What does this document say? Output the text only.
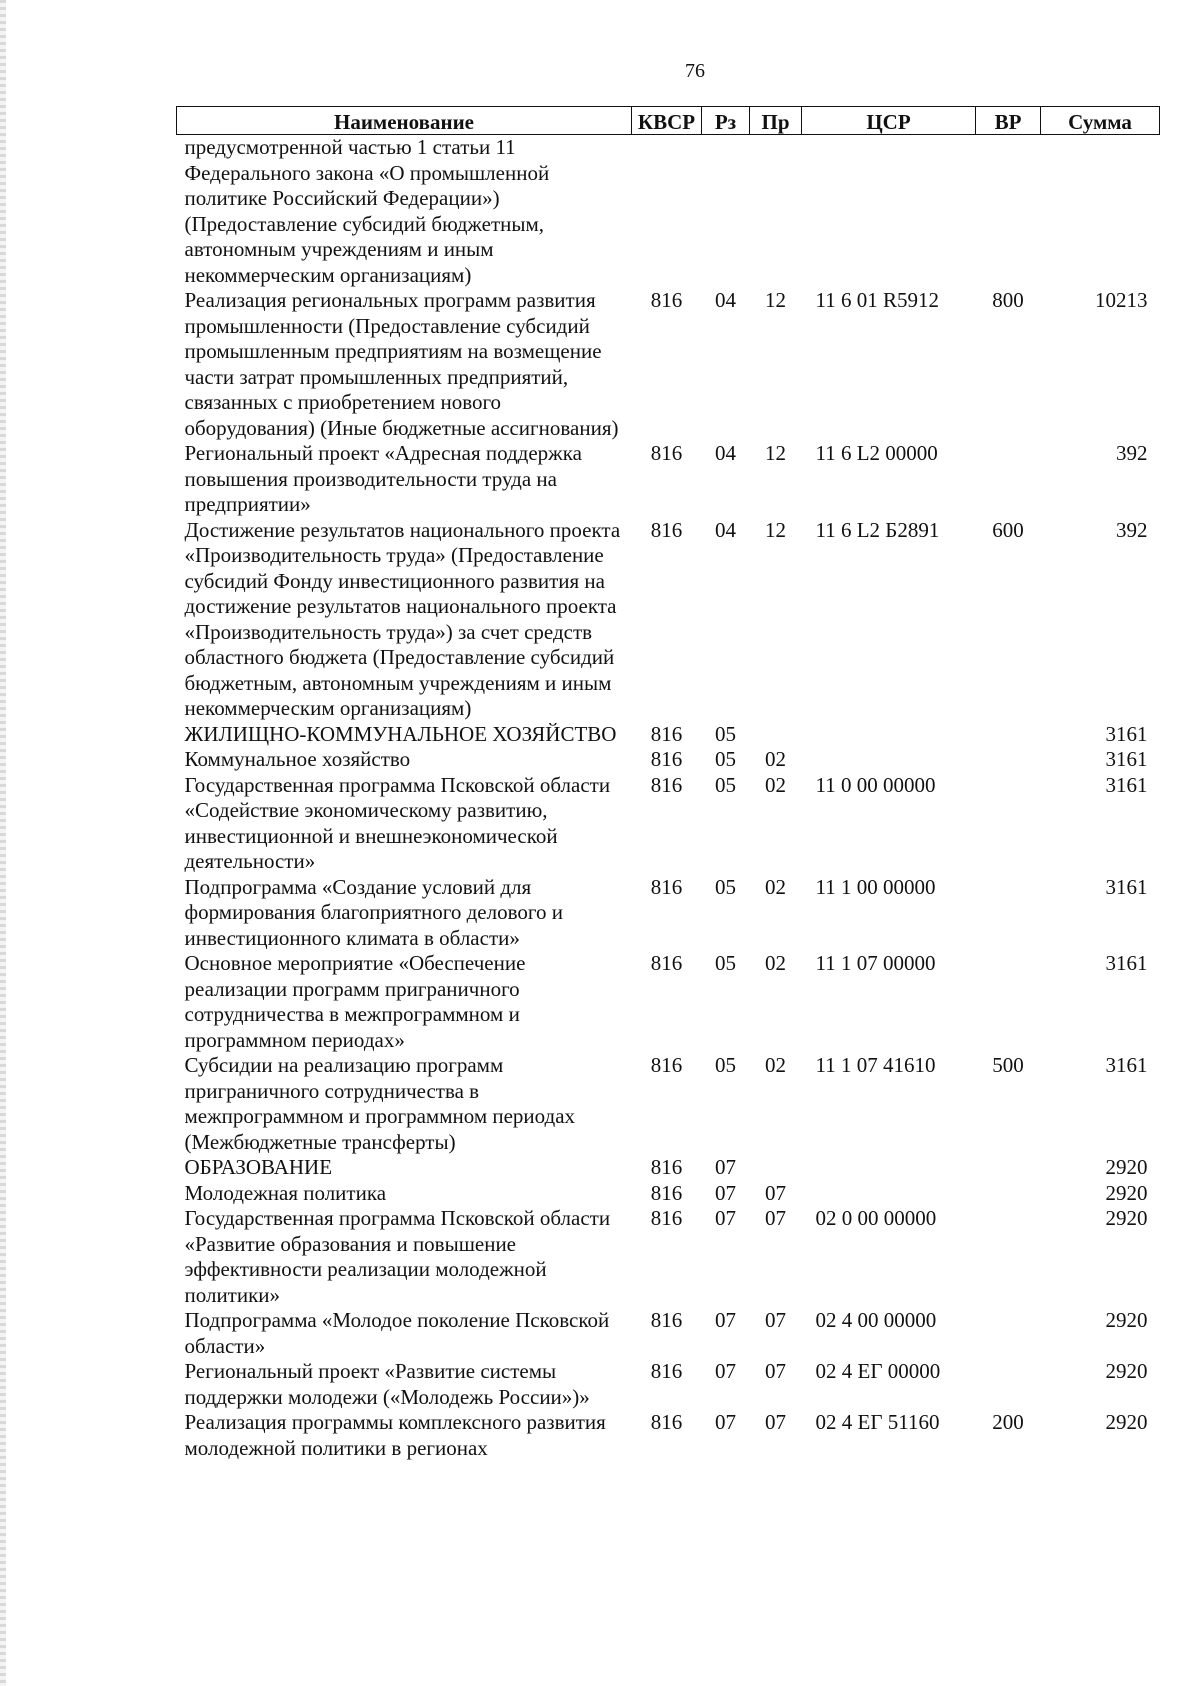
76
Наименование	КВСР	Рз	Пр	ЦСР	ВР	Сумма
предусмотренной частью 1 статьи 11 Федерального закона «О промышленной политике Российский Федерации») (Предоставление субсидий бюджетным, автономным учреждениям и иным некоммерческим организациям)						
Реализация региональных программ развития промышленности (Предоставление субсидий промышленным предприятиям на возмещение части затрат промышленных предприятий, связанных с приобретением нового оборудования) (Иные бюджетные ассигнования)	816	04	12	11 6 01 R5912	800	10213
Региональный проект «Адресная поддержка повышения производительности труда на предприятии»	816	04	12	11 6 L2 00000		392
Достижение результатов национального проекта «Производительность труда» (Предоставление субсидий Фонду инвестиционного развития на достижение результатов национального проекта «Производительность труда») за счет средств областного бюджета (Предоставление субсидий бюджетным, автономным учреждениям и иным некоммерческим организациям)	816	04	12	11 6 L2 Б2891	600	392
ЖИЛИЩНО-КОММУНАЛЬНОЕ ХОЗЯЙСТВО	816	05				3161
Коммунальное хозяйство	816	05	02			3161
Государственная программа Псковской области «Содействие экономическому развитию, инвестиционной и внешнеэкономической деятельности»	816	05	02	11 0 00 00000		3161
Подпрограмма «Создание условий для формирования благоприятного делового и инвестиционного климата в области»	816	05	02	11 1 00 00000		3161
Основное мероприятие «Обеспечение реализации программ приграничного сотрудничества в межпрограммном и программном периодах»	816	05	02	11 1 07 00000		3161
Субсидии на реализацию программ приграничного сотрудничества в межпрограммном и программном периодах (Межбюджетные трансферты)	816	05	02	11 1 07 41610	500	3161
ОБРАЗОВАНИЕ	816	07				2920
Молодежная политика	816	07	07			2920
Государственная программа Псковской области «Развитие образования и повышение эффективности реализации молодежной политики»	816	07	07	02 0 00 00000		2920
Подпрограмма «Молодое поколение Псковской области»	816	07	07	02 4 00 00000		2920
Региональный проект «Развитие системы поддержки молодежи («Молодежь России»)»	816	07	07	02 4 ЕГ 00000		2920
Реализация программы комплексного развития молодежной политики в регионах	816	07	07	02 4 ЕГ 51160	200	2920
